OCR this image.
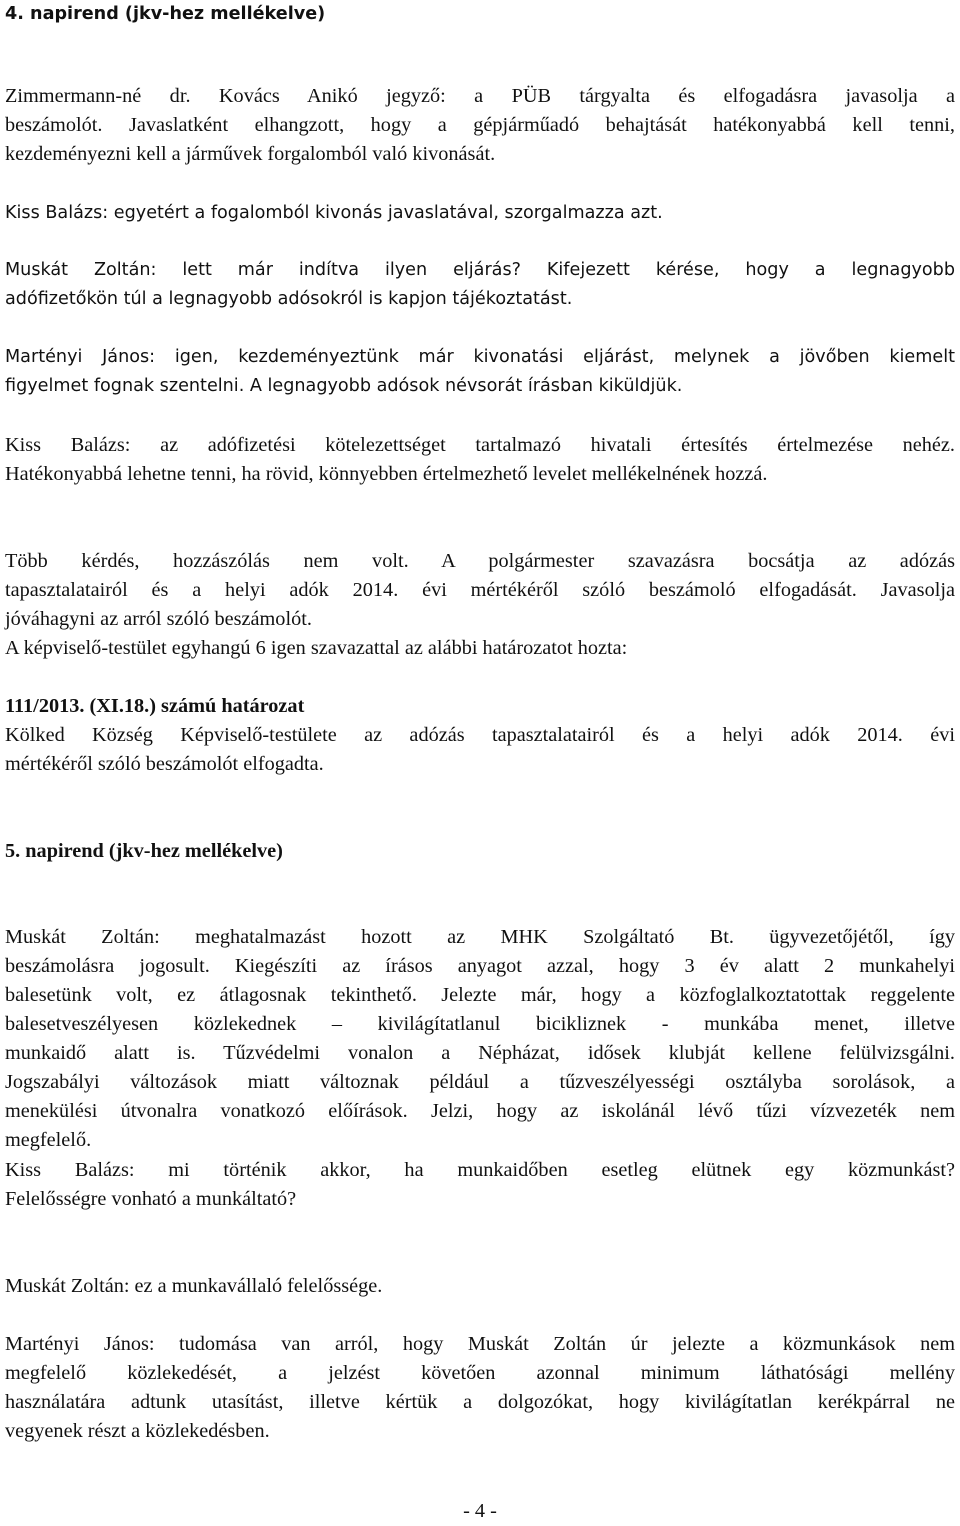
4. napirend (jkv-hez mellékelve)
Zimmermann-né dr. Kovács Anikó jegyző: a PÜB tárgyalta és elfogadásra javasolja a
beszámolót. Javaslatként elhangzott, hogy a gépjárműadó behajtását hatékonyabbá kell tenni,
kezdeményezni kell a járművek forgalomból való kivonását.
Kiss Balázs: egyetért a fogalomból kivonás javaslatával, szorgalmazza azt.
Muskát Zoltán: lett már indítva ilyen eljárás? Kifejezett kérése, hogy a legnagyobb
adófizetőkön túl a legnagyobb adósokról is kapjon tájékoztatást.
Martényi János: igen, kezdeményeztünk már kivonatási eljárást, melynek a jövőben kiemelt
figyelmet fognak szentelni. A legnagyobb adósok névsorát írásban kiküldjük.
Kiss Balázs: az adófizetési kötelezettséget tartalmazó hivatali értesítés értelmezése nehéz.
Hatékonyabbá lehetne tenni, ha rövid, könnyebben értelmezhető levelet mellékelnének hozzá.
Több kérdés, hozzászólás nem volt. A polgármester szavazásra bocsátja az adózás
tapasztalatairól és a helyi adók 2014. évi mértékéről szóló beszámoló elfogadását. Javasolja
jóváhagyni az arról szóló beszámolót.
A képviselő-testület egyhangú 6 igen szavazattal az alábbi határozatot hozta:
111/2013. (XI.18.) számú határozat
Kölked Község Képviselő-testülete az adózás tapasztalatairól és a helyi adók 2014. évi
mértékéről szóló beszámolót elfogadta.
5. napirend (jkv-hez mellékelve)
Muskát Zoltán: meghatalmazást hozott az MHK Szolgáltató Bt. ügyvezetőjétől, így
beszámolásra jogosult. Kiegészíti az írásos anyagot azzal, hogy 3 év alatt 2 munkahelyi
balesetünk volt, ez átlagosnak tekinthető. Jelezte már, hogy a közfoglalkoztatottak reggelente
balesetveszélyesen közlekednek – kivilágítatlanul bicikliznek - munkába menet, illetve
munkaidő alatt is. Tűzvédelmi vonalon a Népházat, idősek klubját kellene felülvizsgálni.
Jogszabályi változások miatt változnak például a tűzveszélyességi osztályba sorolások, a
menekülési útvonalra vonatkozó előírások. Jelzi, hogy az iskolánál lévő tűzi vízvezeték nem
megfelelő.
Kiss Balázs: mi történik akkor, ha munkaidőben esetleg elütnek egy közmunkást?
Felelősségre vonható a munkáltató?
Muskát Zoltán: ez a munkavállaló felelőssége.
Martényi János: tudomása van arról, hogy Muskát Zoltán úr jelezte a közmunkások nem
megfelelő közlekedését, a jelzést követően azonnal minimum láthatósági mellény
használatára adtunk utasítást, illetve kértük a dolgozókat, hogy kivilágítatlan kerékpárral ne
vegyenek részt a közlekedésben.
- 4 -
